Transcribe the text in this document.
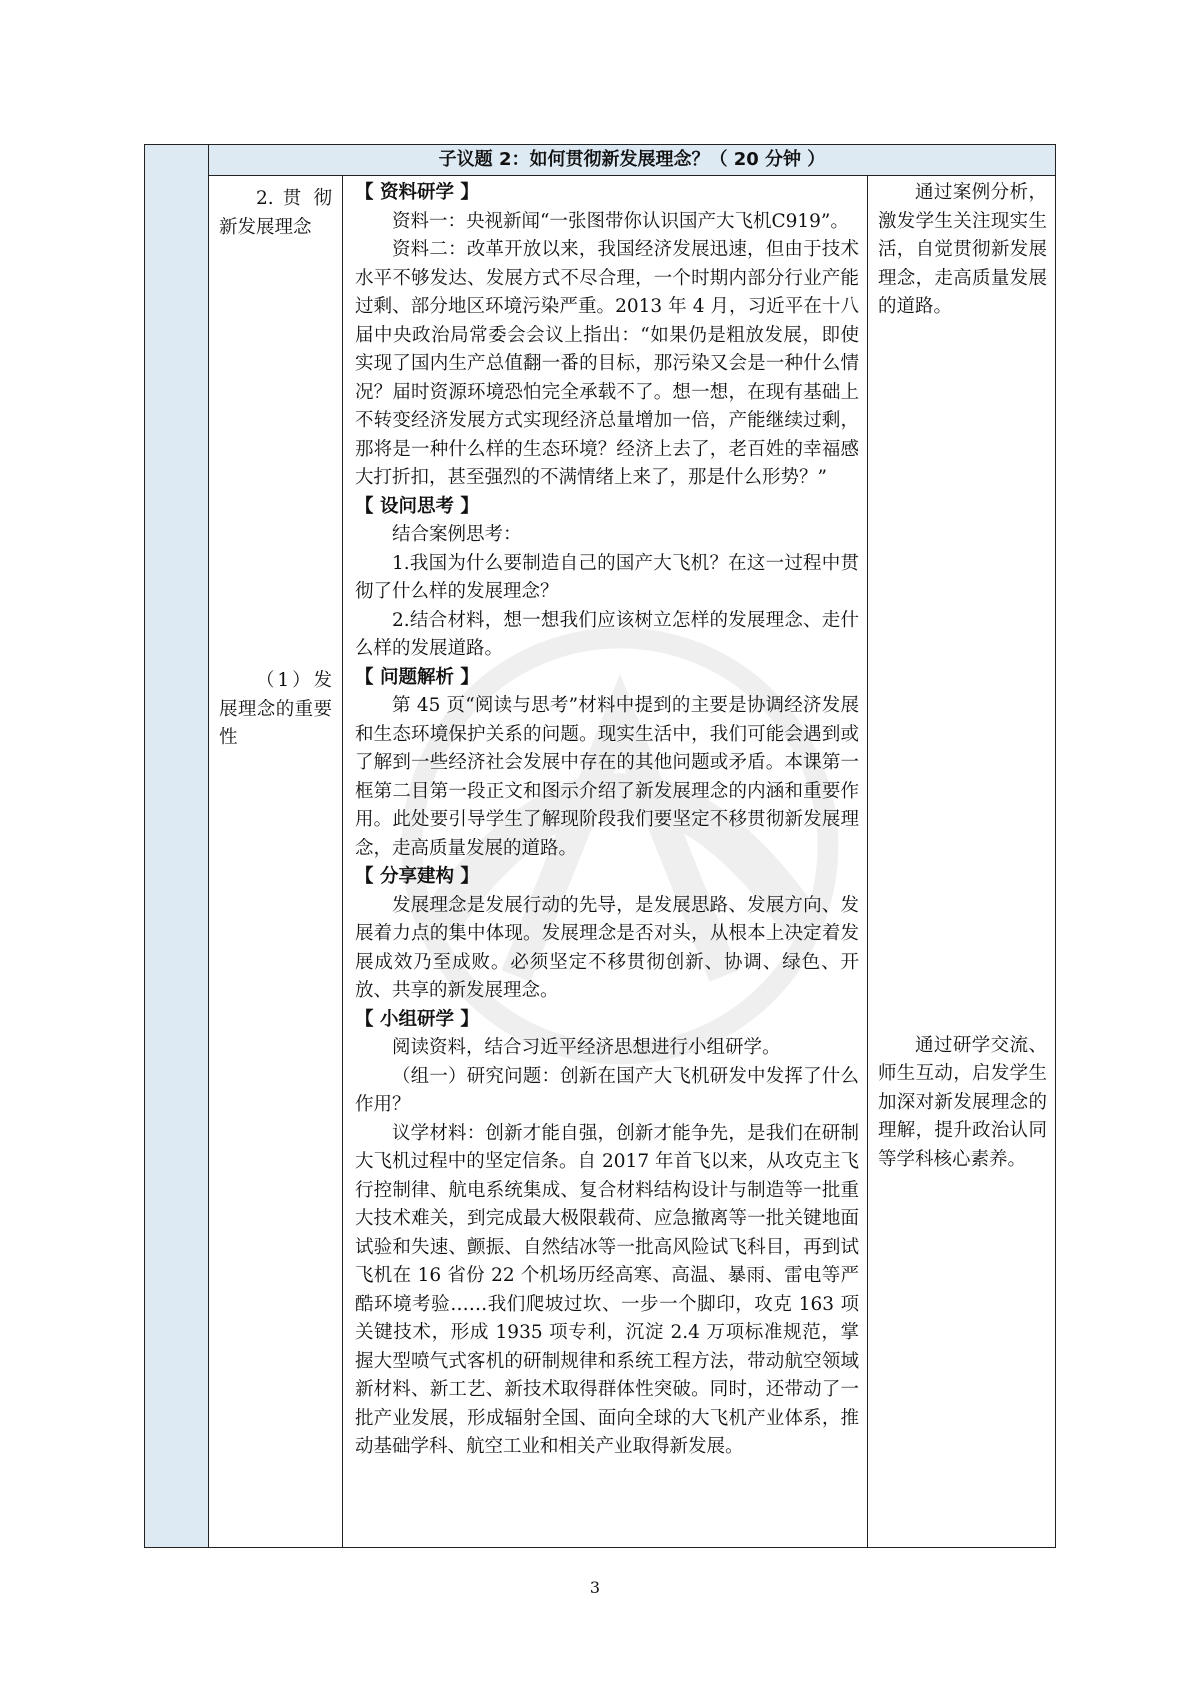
子议题 2：如何贯彻新发展理念？（ 20 分钟 ）

2. 贯 彻 新发展理念

（1）发 展理念的重要性

【 资料研学 】

资料一：央视新闻“一张图带你认识国产大飞机C919”。

资料二：改革开放以来，我国经济发展迅速，但由于技术水平不够发达、发展方式不尽合理，一个时期内部分行业产能过剩、部分地区环境污染严重。2013 年 4 月，习近平在十八届中央政治局常委会会议上指出：“如果仍是粗放发展，即使实现了国内生产总值翻一番的目标，那污染又会是一种什么情况？届时资源环境恐怕完全承载不了。想一想，在现有基础上不转变经济发展方式实现经济总量增加一倍，产能继续过剩，那将是一种什么样的生态环境？经济上去了，老百姓的幸福感大打折扣，甚至强烈的不满情绪上来了，那是什么形势？”

【 设问思考 】

结合案例思考：

1.我国为什么要制造自己的国产大飞机？在这一过程中贯彻了什么样的发展理念？

2.结合材料，想一想我们应该树立怎样的发展理念、走什么样的发展道路。

【 问题解析 】

第 45 页“阅读与思考”材料中提到的主要是协调经济发展和生态环境保护关系的问题。现实生活中，我们可能会遇到或了解到一些经济社会发展中存在的其他问题或矛盾。本课第一框第二目第一段正文和图示介绍了新发展理念的内涵和重要作用。此处要引导学生了解现阶段我们要坚定不移贯彻新发展理念，走高质量发展的道路。

【 分享建构 】

发展理念是发展行动的先导，是发展思路、发展方向、发展着力点的集中体现。发展理念是否对头，从根本上决定着发展成效乃至成败。必须坚定不移贯彻创新、协调、绿色、开放、共享的新发展理念。

【 小组研学 】

阅读资料，结合习近平经济思想进行小组研学。

（组一）研究问题：创新在国产大飞机研发中发挥了什么作用？

议学材料：创新才能自强，创新才能争先，是我们在研制大飞机过程中的坚定信条。自 2017 年首飞以来，从攻克主飞行控制律、航电系统集成、复合材料结构设计与制造等一批重大技术难关，到完成最大极限载荷、应急撤离等一批关键地面试验和失速、颤振、自然结冰等一批高风险试飞科目，再到试飞机在 16 省份 22 个机场历经高寒、高温、暴雨、雷电等严酷环境考验……我们爬坡过坎、一步一个脚印，攻克 163 项关键技术，形成 1935 项专利，沉淀 2.4 万项标准规范，掌握大型喷气式客机的研制规律和系统工程方法，带动航空领域新材料、新工艺、新技术取得群体性突破。同时，还带动了一批产业发展，形成辐射全国、面向全球的大飞机产业体系，推动基础学科、航空工业和相关产业取得新发展。

通过案例分析，激发学生关注现实生活，自觉贯彻新发展理念，走高质量发展的道路。

通过研学交流、师生互动，启发学生加深对新发展理念的理解，提升政治认同等学科核心素养。

3
